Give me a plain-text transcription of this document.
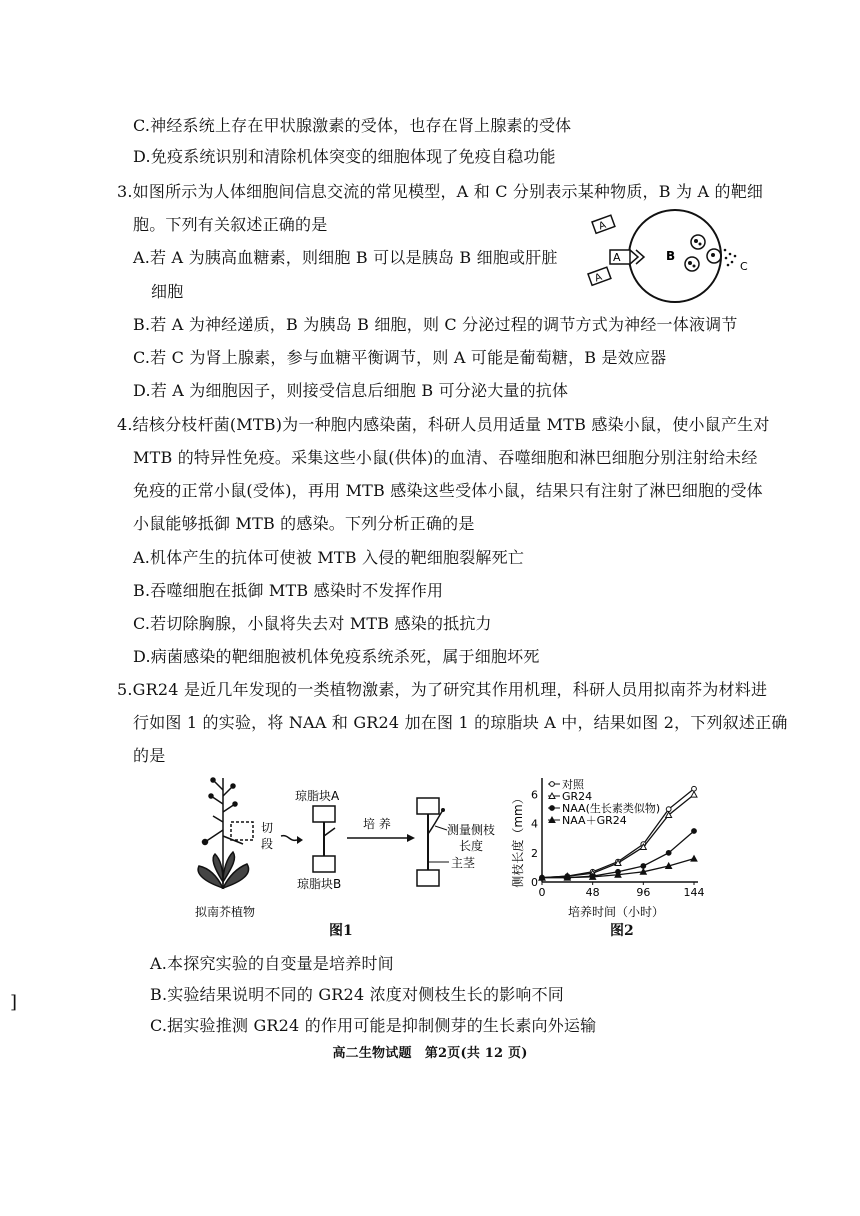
C.神经系统上存在甲状腺激素的受体，也存在肾上腺素的受体
D.免疫系统识别和清除机体突变的细胞体现了免疫自稳功能
3.如图所示为人体细胞间信息交流的常见模型，A 和 C 分别表示某种物质，B 为 A 的靶细
胞。下列有关叙述正确的是
A.若 A 为胰高血糖素，则细胞 B 可以是胰岛 B 细胞或肝脏
细胞
B.若 A 为神经递质，B 为胰岛 B 细胞，则 C 分泌过程的调节方式为神经一体液调节
C.若 C 为肾上腺素，参与血糖平衡调节，则 A 可能是葡萄糖，B 是效应器
D.若 A 为细胞因子，则接受信息后细胞 B 可分泌大量的抗体
A
A
A	B
C
4.结核分枝杆菌(MTB)为一种胞内感染菌，科研人员用适量 MTB 感染小鼠，使小鼠产生对
MTB 的特异性免疫。采集这些小鼠(供体)的血清、吞噬细胞和淋巴细胞分别注射给未经
免疫的正常小鼠(受体)，再用 MTB 感染这些受体小鼠，结果只有注射了淋巴细胞的受体
小鼠能够抵御 MTB 的感染。下列分析正确的是
A.机体产生的抗体可使被 MTB 入侵的靶细胞裂解死亡
B.吞噬细胞在抵御 MTB 感染时不发挥作用
C.若切除胸腺，小鼠将失去对 MTB 感染的抵抗力
D.病菌感染的靶细胞被机体免疫系统杀死，属于细胞坏死
5.GR24 是近几年发现的一类植物激素，为了研究其作用机理，科研人员用拟南芥为材料进
行如图 1 的实验，将 NAA 和 GR24 加在图 1 的琼脂块 A 中，结果如图 2，下列叙述正确
的是
切
段
琼脂块A
琼脂块B
培 养	测量侧枝
长度
主茎
拟南芥植物
图1
侧枝长度（mm）
培养时间（小时）
0	48	96	144
0
2
4
6
对照
GR24
NAA(生长素类似物)
NAA＋GR24
图2
A.本探究实验的自变量是培养时间
B.实验结果说明不同的 GR24 浓度对侧枝生长的影响不同
C.据实验推测 GR24 的作用可能是抑制侧芽的生长素向外运输
]
高二生物试题　第2页(共 12 页)
